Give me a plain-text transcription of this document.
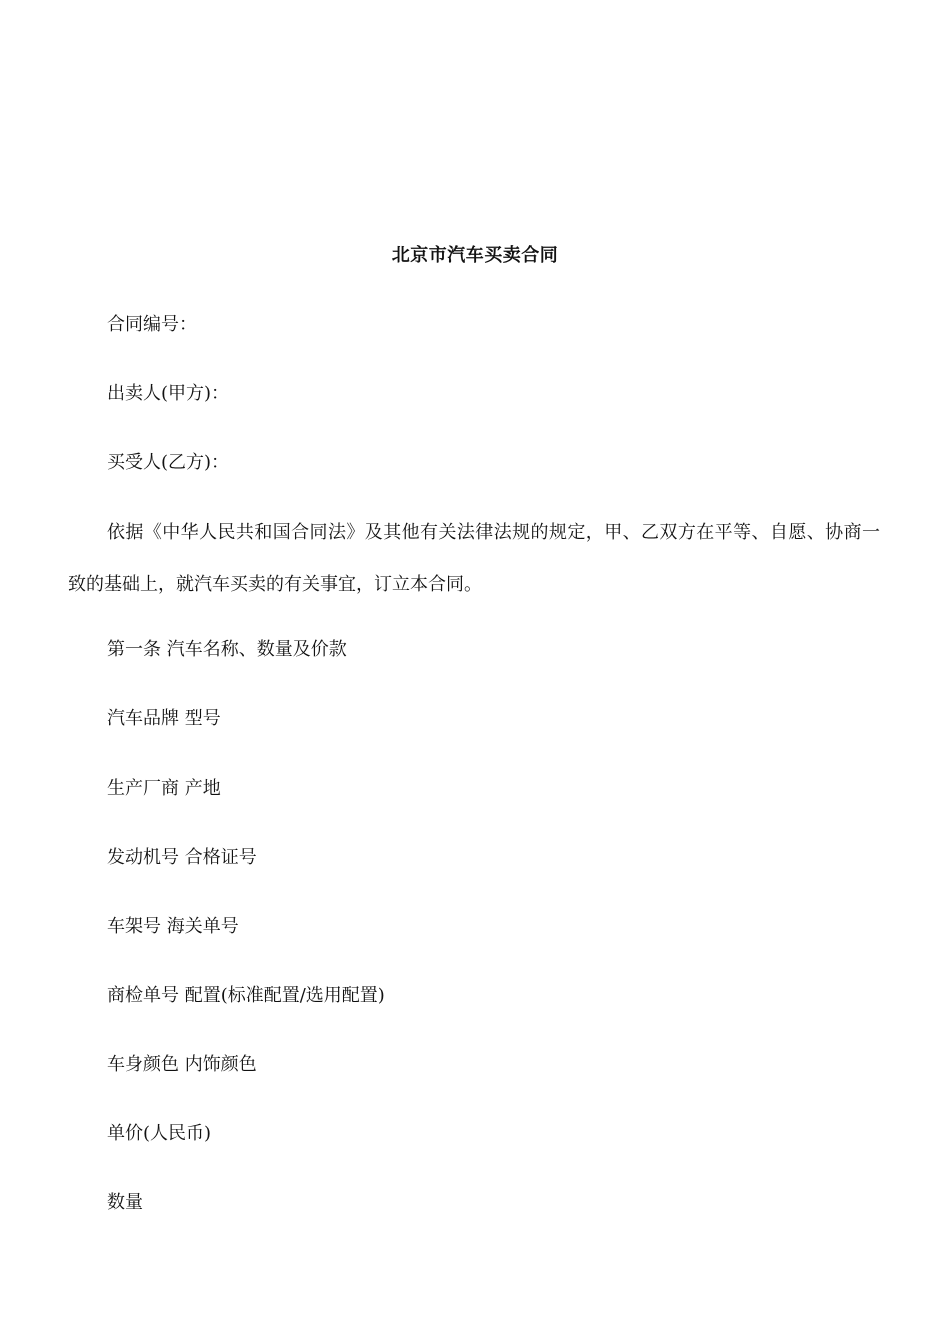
北京市汽车买卖合同
合同编号：
出卖人(甲方)：
买受人(乙方)：
依据《中华人民共和国合同法》及其他有关法律法规的规定，甲、乙双方在平等、自愿、协商一致的基础上，就汽车买卖的有关事宜，订立本合同。
第一条 汽车名称、数量及价款
汽车品牌 型号
生产厂商 产地
发动机号 合格证号
车架号 海关单号
商检单号 配置(标准配置/选用配置)
车身颜色 内饰颜色
单价(人民币)
数量
